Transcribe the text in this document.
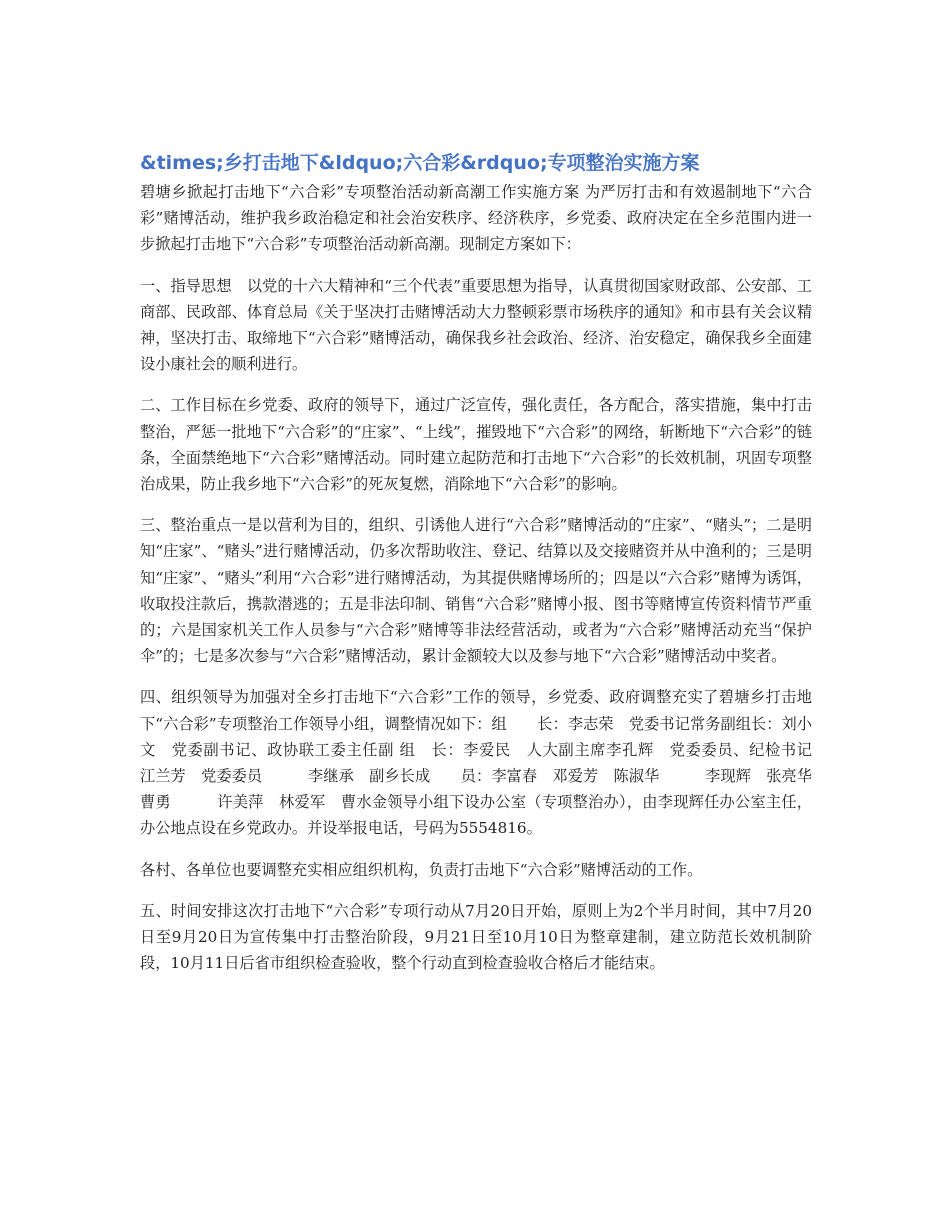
&times;乡打击地下&ldquo;六合彩&rdquo;专项整治实施方案

碧塘乡掀起打击地下“六合彩”专项整治活动新高潮工作实施方案 为严厉打击和有效遏制地下“六合彩”赌博活动，维护我乡政治稳定和社会治安秩序、经济秩序，乡党委、政府决定在全乡范围内进一步掀起打击地下“六合彩”专项整治活动新高潮。现制定方案如下：

一、指导思想　以党的十六大精神和“三个代表”重要思想为指导，认真贯彻国家财政部、公安部、工商部、民政部、体育总局《关于坚决打击赌博活动大力整顿彩票市场秩序的通知》和市县有关会议精神，坚决打击、取缔地下“六合彩”赌博活动，确保我乡社会政治、经济、治安稳定，确保我乡全面建设小康社会的顺利进行。

二、工作目标在乡党委、政府的领导下，通过广泛宣传，强化责任，各方配合，落实措施，集中打击整治，严惩一批地下“六合彩”的“庄家”、“上线”，摧毁地下“六合彩”的网络，斩断地下“六合彩”的链条，全面禁绝地下“六合彩”赌博活动。同时建立起防范和打击地下“六合彩”的长效机制，巩固专项整治成果，防止我乡地下“六合彩”的死灰复燃，消除地下“六合彩”的影响。

三、整治重点一是以营利为目的，组织、引诱他人进行“六合彩”赌博活动的“庄家”、“赌头”；二是明知“庄家”、“赌头”进行赌博活动，仍多次帮助收注、登记、结算以及交接赌资并从中渔利的；三是明知“庄家”、“赌头”利用“六合彩”进行赌博活动，为其提供赌博场所的；四是以“六合彩”赌博为诱饵，收取投注款后，携款潜逃的；五是非法印制、销售“六合彩”赌博小报、图书等赌博宣传资料情节严重的；六是国家机关工作人员参与“六合彩”赌博等非法经营活动，或者为“六合彩”赌博活动充当“保护伞”的；七是多次参与“六合彩”赌博活动，累计金额较大以及参与地下“六合彩”赌博活动中奖者。

四、组织领导为加强对全乡打击地下“六合彩”工作的领导，乡党委、政府调整充实了碧塘乡打击地下“六合彩”专项整治工作领导小组，调整情况如下：组　　长：李志荣　党委书记常务副组长：刘小文　党委副书记、政协联工委主任副 组　长：李爱民　人大副主席李孔辉　党委委员、纪检书记　　　江兰芳　党委委员　　　李继承　副乡长成　　员：李富春　邓爱芳　陈淑华　　　李现辉　张亮华　曹勇　　　许美萍　林爱军　曹水金领导小组下设办公室（专项整治办），由李现辉任办公室主任，办公地点设在乡党政办。并设举报电话，号码为5554816。

各村、各单位也要调整充实相应组织机构，负责打击地下“六合彩”赌博活动的工作。

五、时间安排这次打击地下“六合彩”专项行动从7月20日开始，原则上为2个半月时间，其中7月20日至9月20日为宣传集中打击整治阶段，9月21日至10月10日为整章建制，建立防范长效机制阶段，10月11日后省市组织检查验收，整个行动直到检查验收合格后才能结束。
